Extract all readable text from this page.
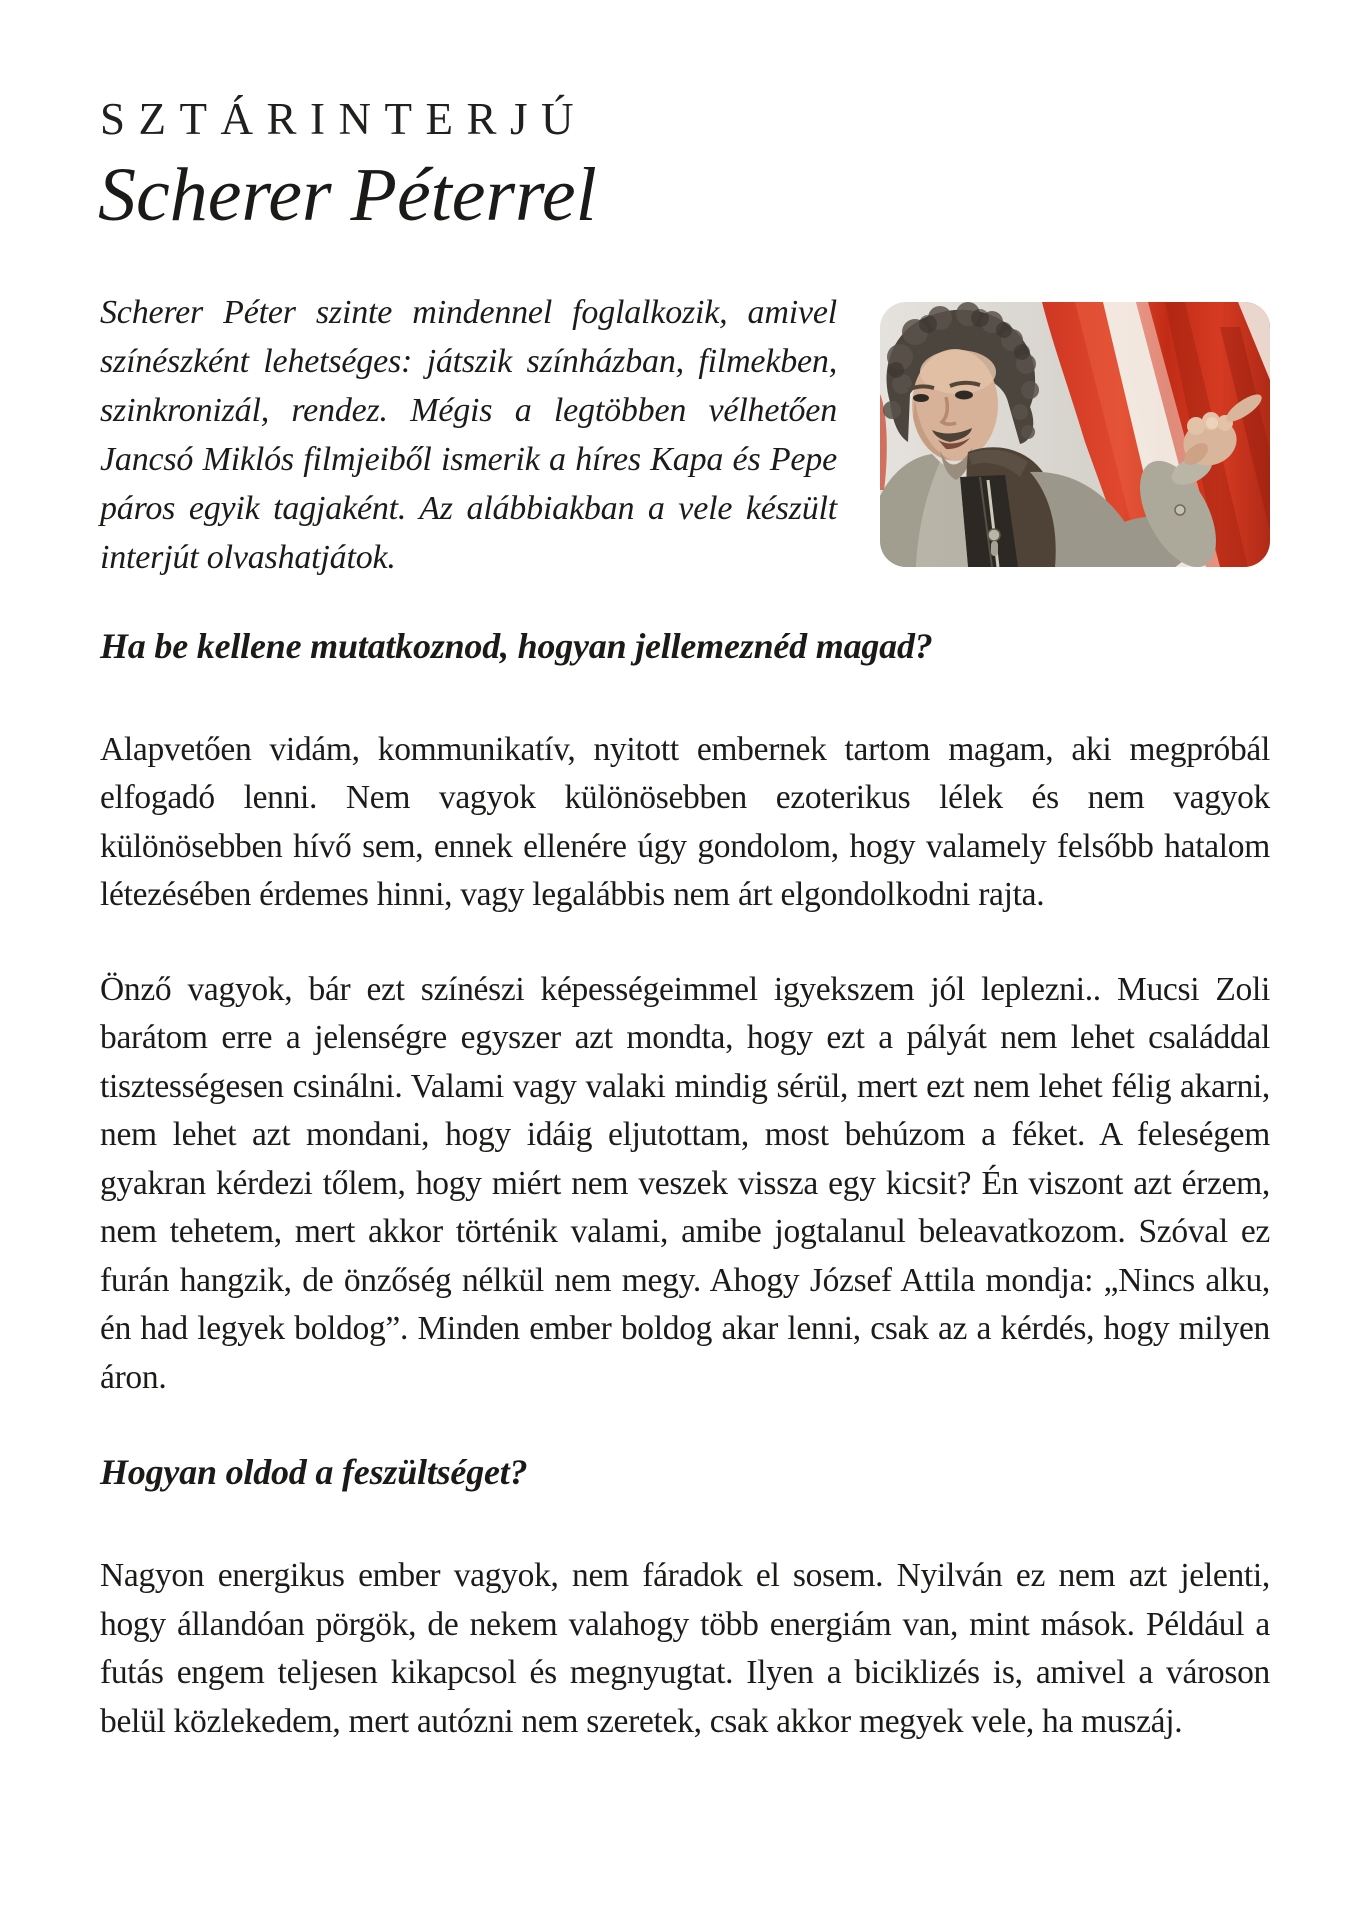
SZTÁRINTERJÚ
Scherer Péterrel

Scherer Péter szinte mindennel foglalkozik, amivel színészként lehetséges: játszik színházban, filmekben, szinkronizál, rendez. Mégis a legtöbben vélhetően Jancsó Miklós filmjeiből ismerik a híres Kapa és Pepe páros egyik tagjaként. Az alábbiakban a vele készült interjút olvashatjátok.

Ha be kellene mutatkoznod, hogyan jellemeznéd magad?

Alapvetően vidám, kommunikatív, nyitott embernek tartom magam, aki megpróbál elfogadó lenni. Nem vagyok különösebben ezoterikus lélek és nem vagyok különösebben hívő sem, ennek ellenére úgy gondolom, hogy valamely felsőbb hatalom létezésében érdemes hinni, vagy legalábbis nem árt elgondolkodni rajta.

Önző vagyok, bár ezt színészi képességeimmel igyekszem jól leplezni.. Mucsi Zoli barátom erre a jelenségre egyszer azt mondta, hogy ezt a pályát nem lehet családdal tisztességesen csinálni. Valami vagy valaki mindig sérül, mert ezt nem lehet félig akarni, nem lehet azt mondani, hogy idáig eljutottam, most behúzom a féket. A feleségem gyakran kérdezi tőlem, hogy miért nem veszek vissza egy kicsit? Én viszont azt érzem, nem tehetem, mert akkor történik valami, amibe jogtalanul beleavatkozom. Szóval ez furán hangzik, de önzőség nélkül nem megy. Ahogy József Attila mondja: „Nincs alku, én had legyek boldog”. Minden ember boldog akar lenni, csak az a kérdés, hogy milyen áron.

Hogyan oldod a feszültséget?

Nagyon energikus ember vagyok, nem fáradok el sosem. Nyilván ez nem azt jelenti, hogy állandóan pörgök, de nekem valahogy több energiám van, mint mások. Például a futás engem teljesen kikapcsol és megnyugtat. Ilyen a biciklizés is, amivel a városon belül közlekedem, mert autózni nem szeretek, csak akkor megyek vele, ha muszáj.
